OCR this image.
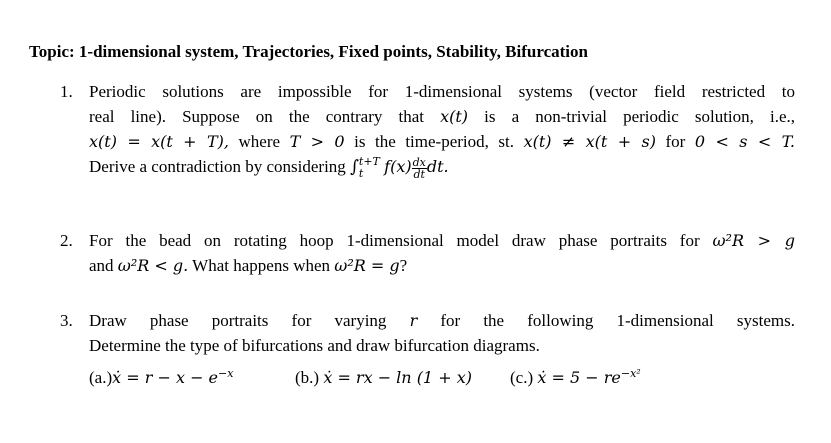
Topic: 1-dimensional system, Trajectories, Fixed points, Stability, Bifurcation
1. Periodic solutions are impossible for 1-dimensional systems (vector field restricted to
real line). Suppose on the contrary that x(t) is a non-trivial periodic solution, i.e.,
x(t) = x(t + T), where T > 0 is the time-period, st. x(t) ≠ x(t + s) for 0 < s < T.
Derive a contradiction by considering ∫ t+T
t	$f(x) \frac{dx}{dt}$ dt.
2. For the bead on rotating hoop 1-dimensional model draw phase portraits for ω²R > g
and ω²R < g. What happens when ω²R = g?
3. Draw phase portraits for varying r for the following 1-dimensional systems.
Determine the type of bifurcations and draw bifurcation diagrams.
(a.)ẋ = $r - x - e^{-x}$	(b.) ẋ = rx − ln (1 + x) (c.) ẋ = $5 - re^{-x^2}$
